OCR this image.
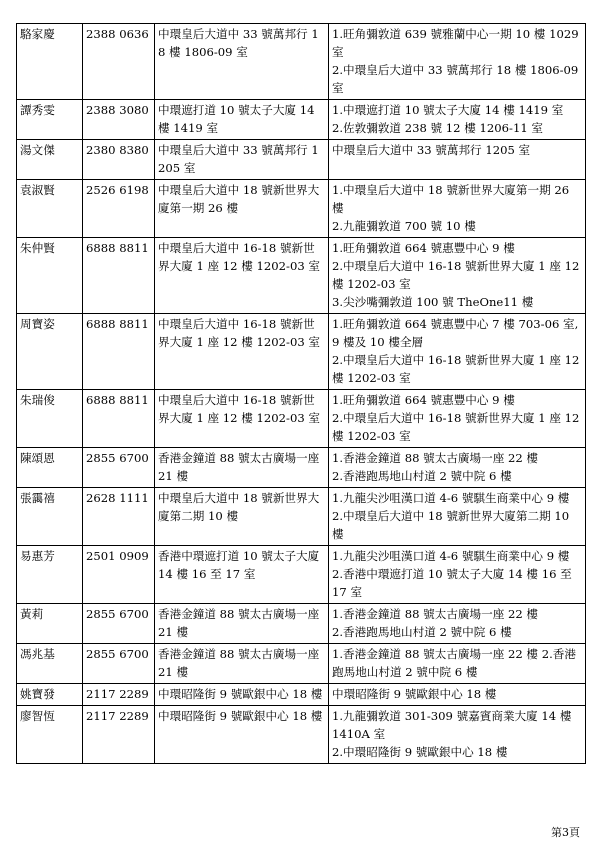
駱家慶	2388 0636	中環皇后大道中 33 號萬邦行 18 樓 1806-09 室	1.旺角彌敦道 639 號雅蘭中心一期 10 樓 1029 室
2.中環皇后大道中 33 號萬邦行 18 樓 1806-09 室

譚秀雯	2388 3080	中環遮打道 10 號太子大廈 14 樓 1419 室	1.中環遮打道 10 號太子大廈 14 樓 1419 室
2.佐敦彌敦道 238 號 12 樓 1206-11 室

湯文傑	2380 8380	中環皇后大道中 33 號萬邦行 1205 室	中環皇后大道中 33 號萬邦行 1205 室

袁淑賢	2526 6198	中環皇后大道中 18 號新世界大廈第一期 26 樓	1.中環皇后大道中 18 號新世界大廈第一期 26 樓
2.九龍彌敦道 700 號 10 樓

朱仲賢	6888 8811	中環皇后大道中 16-18 號新世界大廈 1 座 12 樓 1202-03 室	1.旺角彌敦道 664 號惠豐中心 9 樓
2.中環皇后大道中 16-18 號新世界大廈 1 座 12 樓 1202-03 室
3.尖沙嘴彌敦道 100 號 TheOne11 樓

周寶姿	6888 8811	中環皇后大道中 16-18 號新世界大廈 1 座 12 樓 1202-03 室	1.旺角彌敦道 664 號惠豐中心 7 樓 703-06 室,9 樓及 10 樓全層
2.中環皇后大道中 16-18 號新世界大廈 1 座 12 樓 1202-03 室

朱瑞俊	6888 8811	中環皇后大道中 16-18 號新世界大廈 1 座 12 樓 1202-03 室	1.旺角彌敦道 664 號惠豐中心 9 樓
2.中環皇后大道中 16-18 號新世界大廈 1 座 12 樓 1202-03 室

陳頌恩	2855 6700	香港金鐘道 88 號太古廣場一座 21 樓	1.香港金鐘道 88 號太古廣場一座 22 樓
2.香港跑馬地山村道 2 號中院 6 樓

張靄禧	2628 1111	中環皇后大道中 18 號新世界大廈第二期 10 樓	1.九龍尖沙咀漢口道 4-6 號騏生商業中心 9 樓
2.中環皇后大道中 18 號新世界大廈第二期 10 樓

易惠芳	2501 0909	香港中環遮打道 10 號太子大廈 14 樓 16 至 17 室	1.九龍尖沙咀漢口道 4-6 號騏生商業中心 9 樓
2.香港中環遮打道 10 號太子大廈 14 樓 16 至 17 室

黃莉	2855 6700	香港金鐘道 88 號太古廣場一座 21 樓	1.香港金鐘道 88 號太古廣場一座 22 樓
2.香港跑馬地山村道 2 號中院 6 樓

馮兆基	2855 6700	香港金鐘道 88 號太古廣場一座 21 樓	1.香港金鐘道 88 號太古廣場一座 22 樓 2.香港跑馬地山村道 2 號中院 6 樓

姚寶發	2117 2289	中環昭隆街 9 號歐銀中心 18 樓	中環昭隆街 9 號歐銀中心 18 樓

廖智恆	2117 2289	中環昭隆街 9 號歐銀中心 18 樓	1.九龍彌敦道 301-309 號嘉賓商業大廈 14 樓 1410A 室
2.中環昭隆街 9 號歐銀中心 18 樓
第3頁
